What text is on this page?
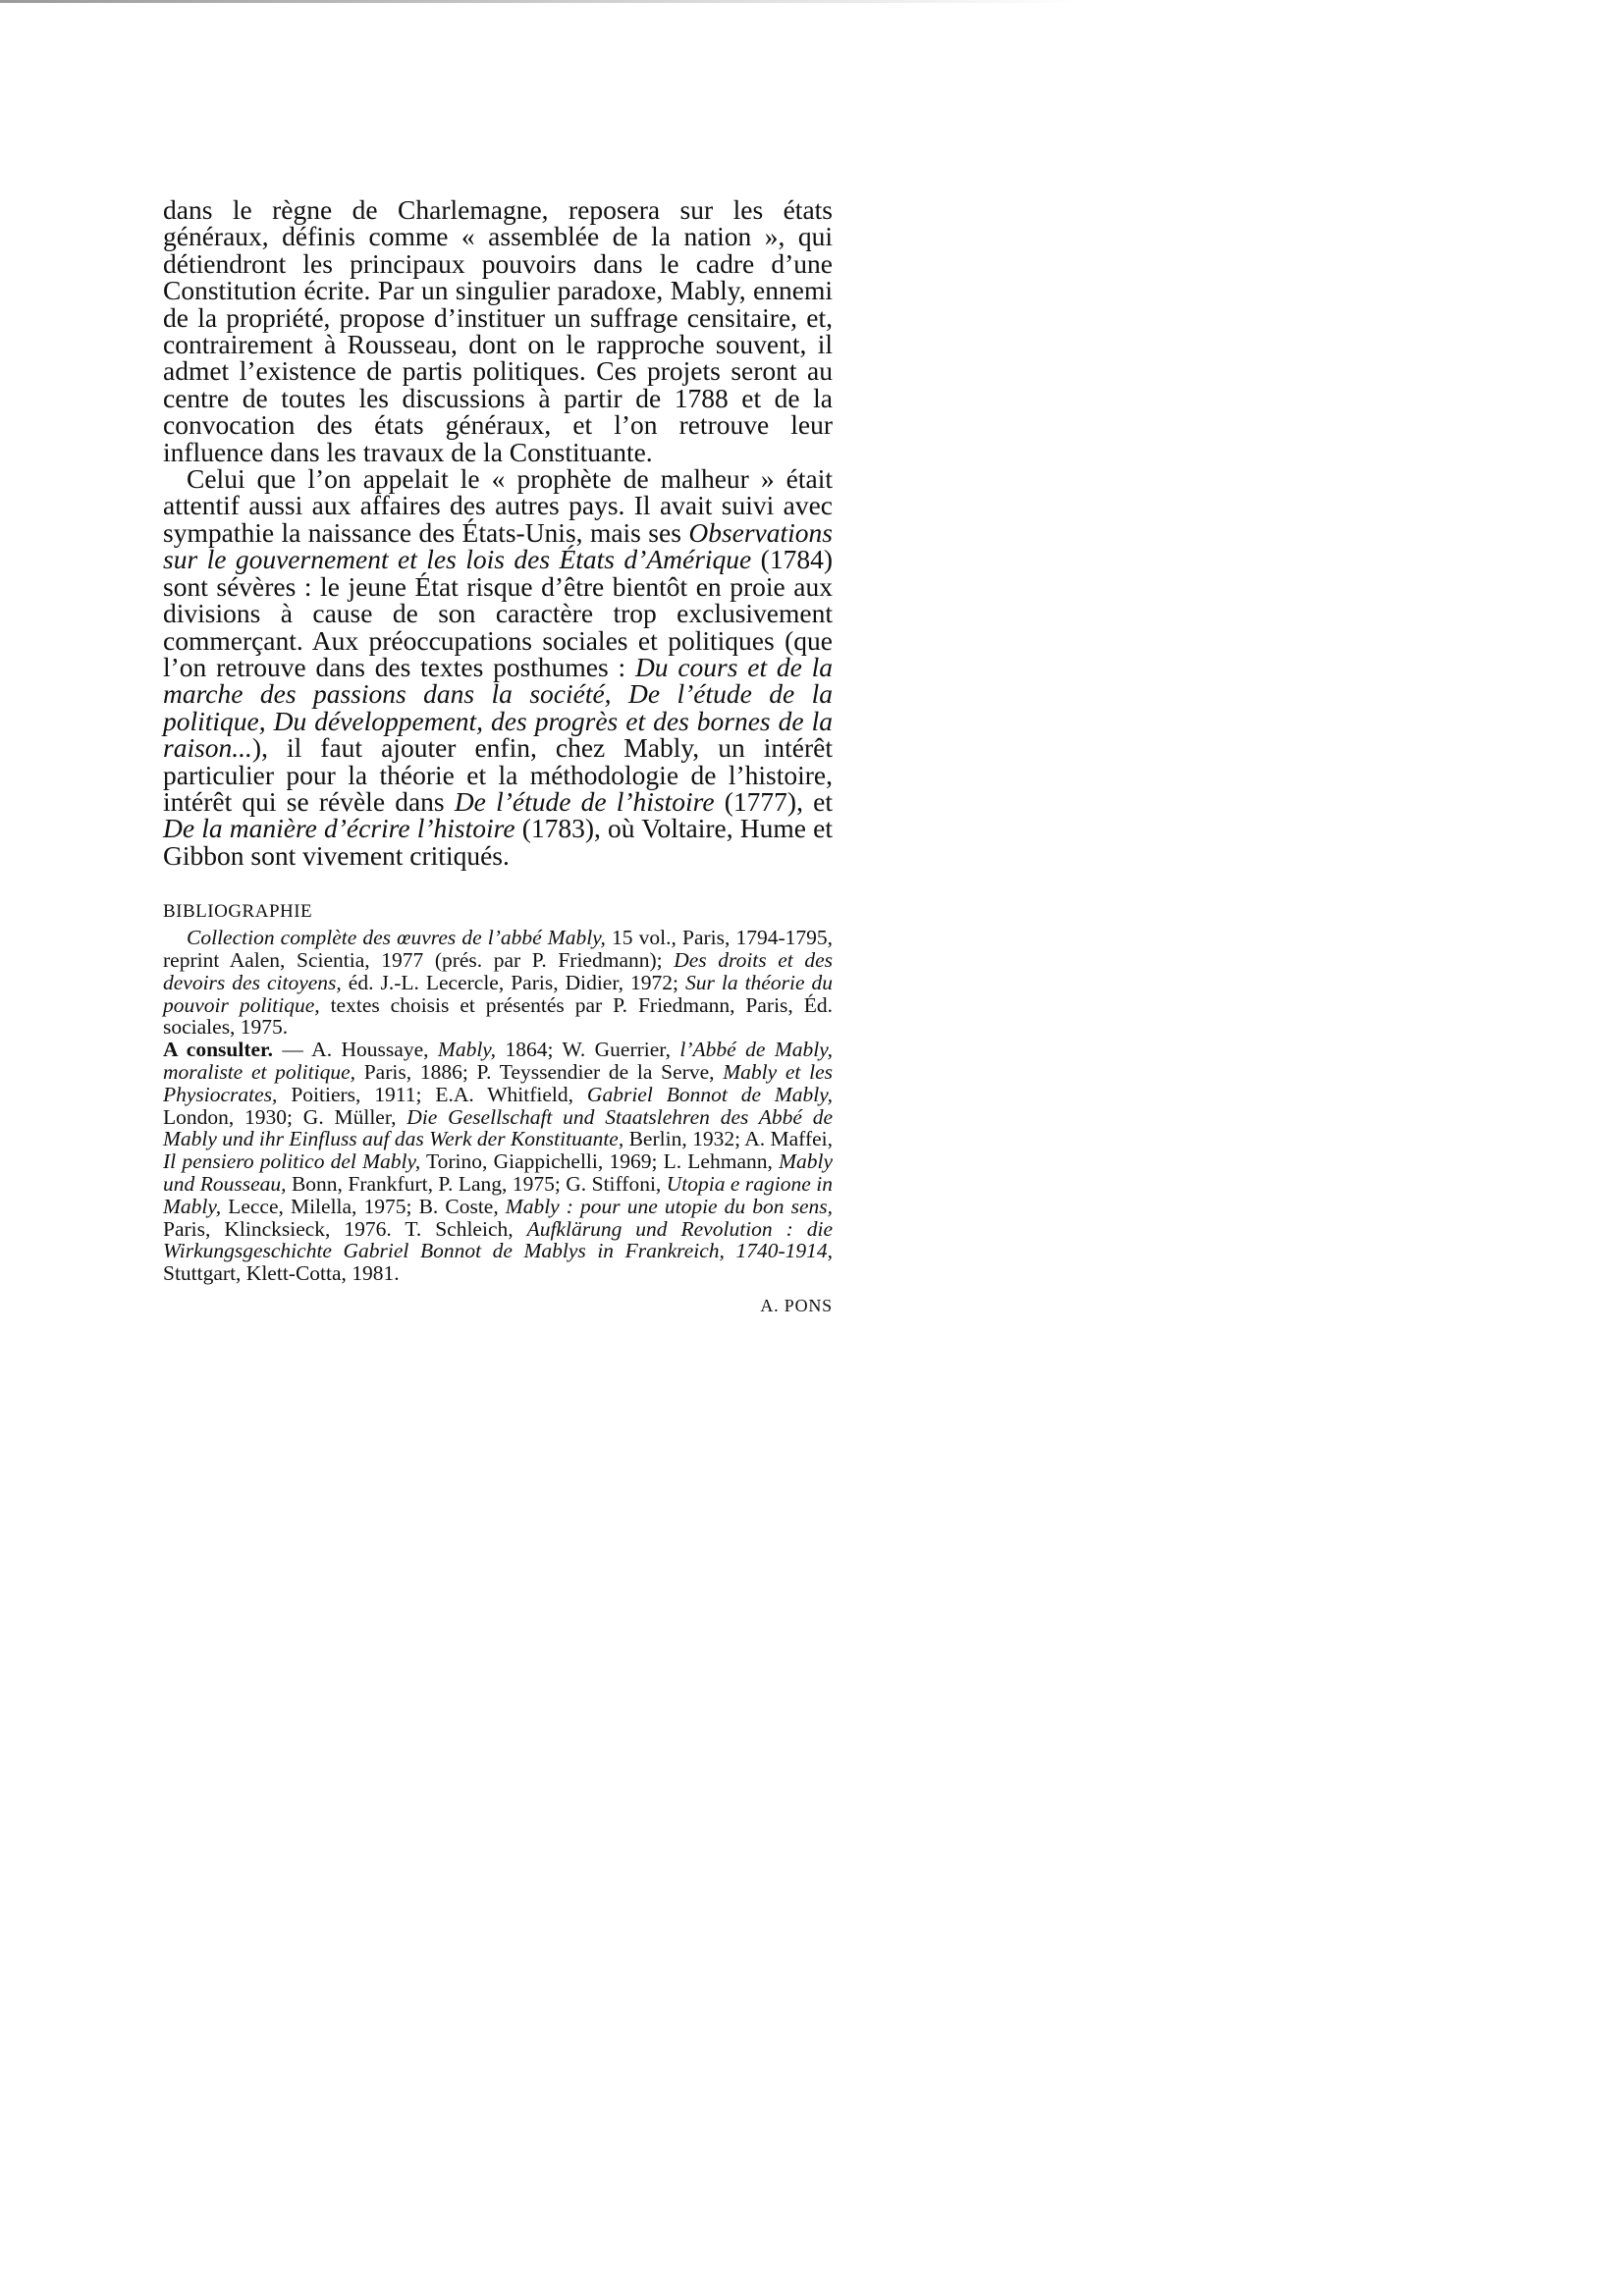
dans le règne de Charlemagne, reposera sur les états généraux, définis comme « assemblée de la nation », qui détiendront les principaux pouvoirs dans le cadre d’une Constitution écrite. Par un singulier paradoxe, Mably, ennemi de la propriété, propose d’instituer un suffrage censitaire, et, contrairement à Rousseau, dont on le rapproche souvent, il admet l’existence de partis politiques. Ces projets seront au centre de toutes les discussions à partir de 1788 et de la convocation des états généraux, et l’on retrouve leur influence dans les travaux de la Constituante.

Celui que l’on appelait le « prophète de malheur » était attentif aussi aux affaires des autres pays. Il avait suivi avec sympathie la naissance des États-Unis, mais ses Observations sur le gouvernement et les lois des États d’Amérique (1784) sont sévères : le jeune État risque d’être bientôt en proie aux divisions à cause de son caractère trop exclusivement commerçant. Aux préoccupations sociales et politiques (que l’on retrouve dans des textes posthumes : Du cours et de la marche des passions dans la société, De l’étude de la politique, Du développement, des progrès et des bornes de la raison...), il faut ajouter enfin, chez Mably, un intérêt particulier pour la théorie et la méthodologie de l’histoire, intérêt qui se révèle dans De l’étude de l’histoire (1777), et De la manière d’écrire l’histoire (1783), où Voltaire, Hume et Gibbon sont vivement critiqués.

BIBLIOGRAPHIE

Collection complète des œuvres de l’abbé Mably, 15 vol., Paris, 1794-1795, reprint Aalen, Scientia, 1977 (prés. par P. Friedmann); Des droits et des devoirs des citoyens, éd. J.-L. Lecercle, Paris, Didier, 1972; Sur la théorie du pouvoir politique, textes choisis et présentés par P. Friedmann, Paris, Éd. sociales, 1975.

A consulter. — A. Houssaye, Mably, 1864; W. Guerrier, l’Abbé de Mably, moraliste et politique, Paris, 1886; P. Teyssendier de la Serve, Mably et les Physiocrates, Poitiers, 1911; E.A. Whitfield, Gabriel Bonnot de Mably, London, 1930; G. Müller, Die Gesellschaft und Staatslehren des Abbé de Mably und ihr Einfluss auf das Werk der Konstituante, Berlin, 1932; A. Maffei, Il pensiero politico del Mably, Torino, Giappichelli, 1969; L. Lehmann, Mably und Rousseau, Bonn, Frankfurt, P. Lang, 1975; G. Stiffoni, Utopia e ragione in Mably, Lecce, Milella, 1975; B. Coste, Mably : pour une utopie du bon sens, Paris, Klincksieck, 1976. T. Schleich, Aufklärung und Revolution : die Wirkungsgeschichte Gabriel Bonnot de Mablys in Frankreich, 1740-1914, Stuttgart, Klett-Cotta, 1981.

A. PONS
